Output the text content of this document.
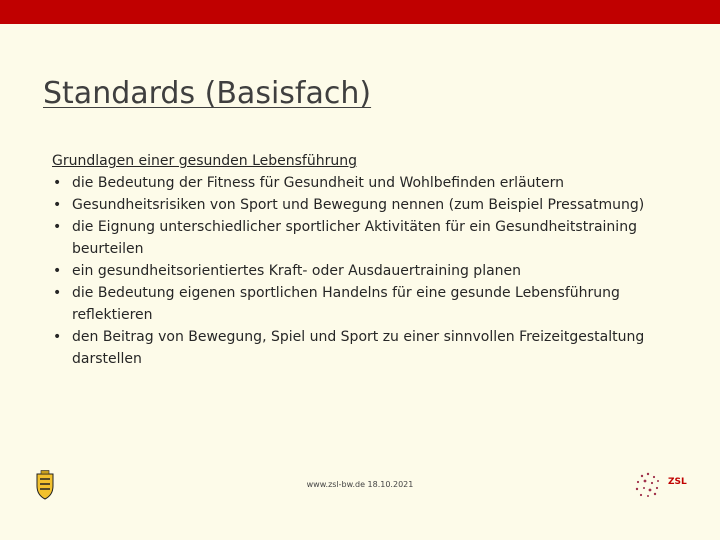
Standards (Basisfach)
Grundlagen einer gesunden Lebensführung
• die Bedeutung der Fitness für Gesundheit und Wohlbefinden erläutern
• Gesundheitsrisiken von Sport und Bewegung nennen (zum Beispiel Pressatmung)
• die Eignung unterschiedlicher sportlicher Aktivitäten für ein Gesundheitstraining beurteilen
• ein gesundheitsorientiertes Kraft- oder Ausdauertraining planen
• die Bedeutung eigenen sportlichen Handelns für eine gesunde Lebensführung reflektieren
• den Beitrag von Bewegung, Spiel und Sport zu einer sinnvollen Freizeitgestaltung darstellen
www.zsl-bw.de 18.10.2021	ZSL
